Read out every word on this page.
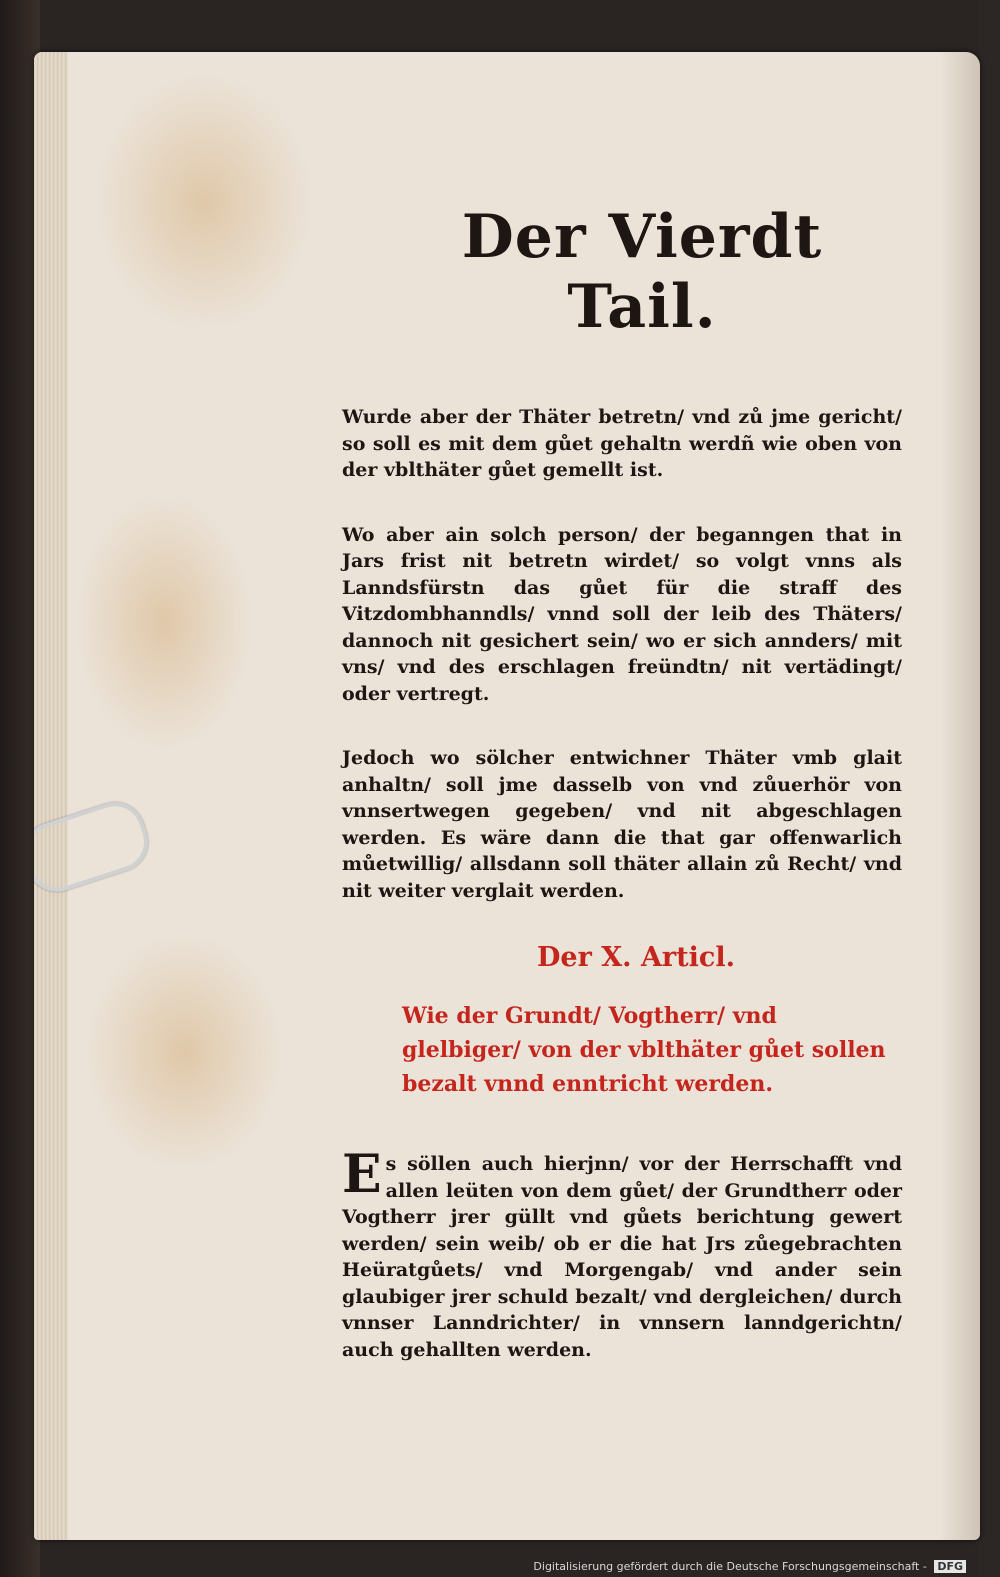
Der Vierdt Tail.

Wurde aber der Thäter betretn/ vnd zů jme gericht/ so soll es mit dem gůet gehaltn werdñ wie oben von der vblthäter gůet gemellt ist.

Wo aber ain solch person/ der beganngen that in Jars frist nit betretn wirdet/ so volgt vnns als Lanndsfürstn das gůet für die straff des Vitzdombhanndls/ vnnd soll der leib des Thäters/ dannoch nit gesichert sein/ wo er sich annders/ mit vns/ vnd des erschlagen freündtn/ nit vertädingt/ oder vertregt.

Jedoch wo sölcher entwichner Thäter vmb glait anhaltn/ soll jme dasselb von vnd zůuerhör von vnnsertwegen gegeben/ vnd nit abgeschlagen werden. Es wäre dann die that gar offenwarlich můetwillig/ allsdann soll thäter allain zů Recht/ vnd nit weiter verglait werden.

Der X. Articl.
Wie der Grundt/ Vogtherr/ vnd glelbiger/ von der vblthäter gůet sollen bezalt vnnd enntricht werden.

Es söllen auch hierjnn/ vor der Herrschafft vnd allen leüten von dem gůet/ der Grundtherr oder Vogtherr jrer güllt vnd gůets berichtung gewert werden/ sein weib/ ob er die hat Jrs zůegebrachten Heüratgůets/ vnd Morgengab/ vnd ander sein glaubiger jrer schuld bezalt/ vnd dergleichen/ durch vnnser Lanndrichter/ in vnnsern lanndgerichtn/ auch gehallten werden.

Digitalisierung gefördert durch die Deutsche Forschungsgemeinschaft - DFG
